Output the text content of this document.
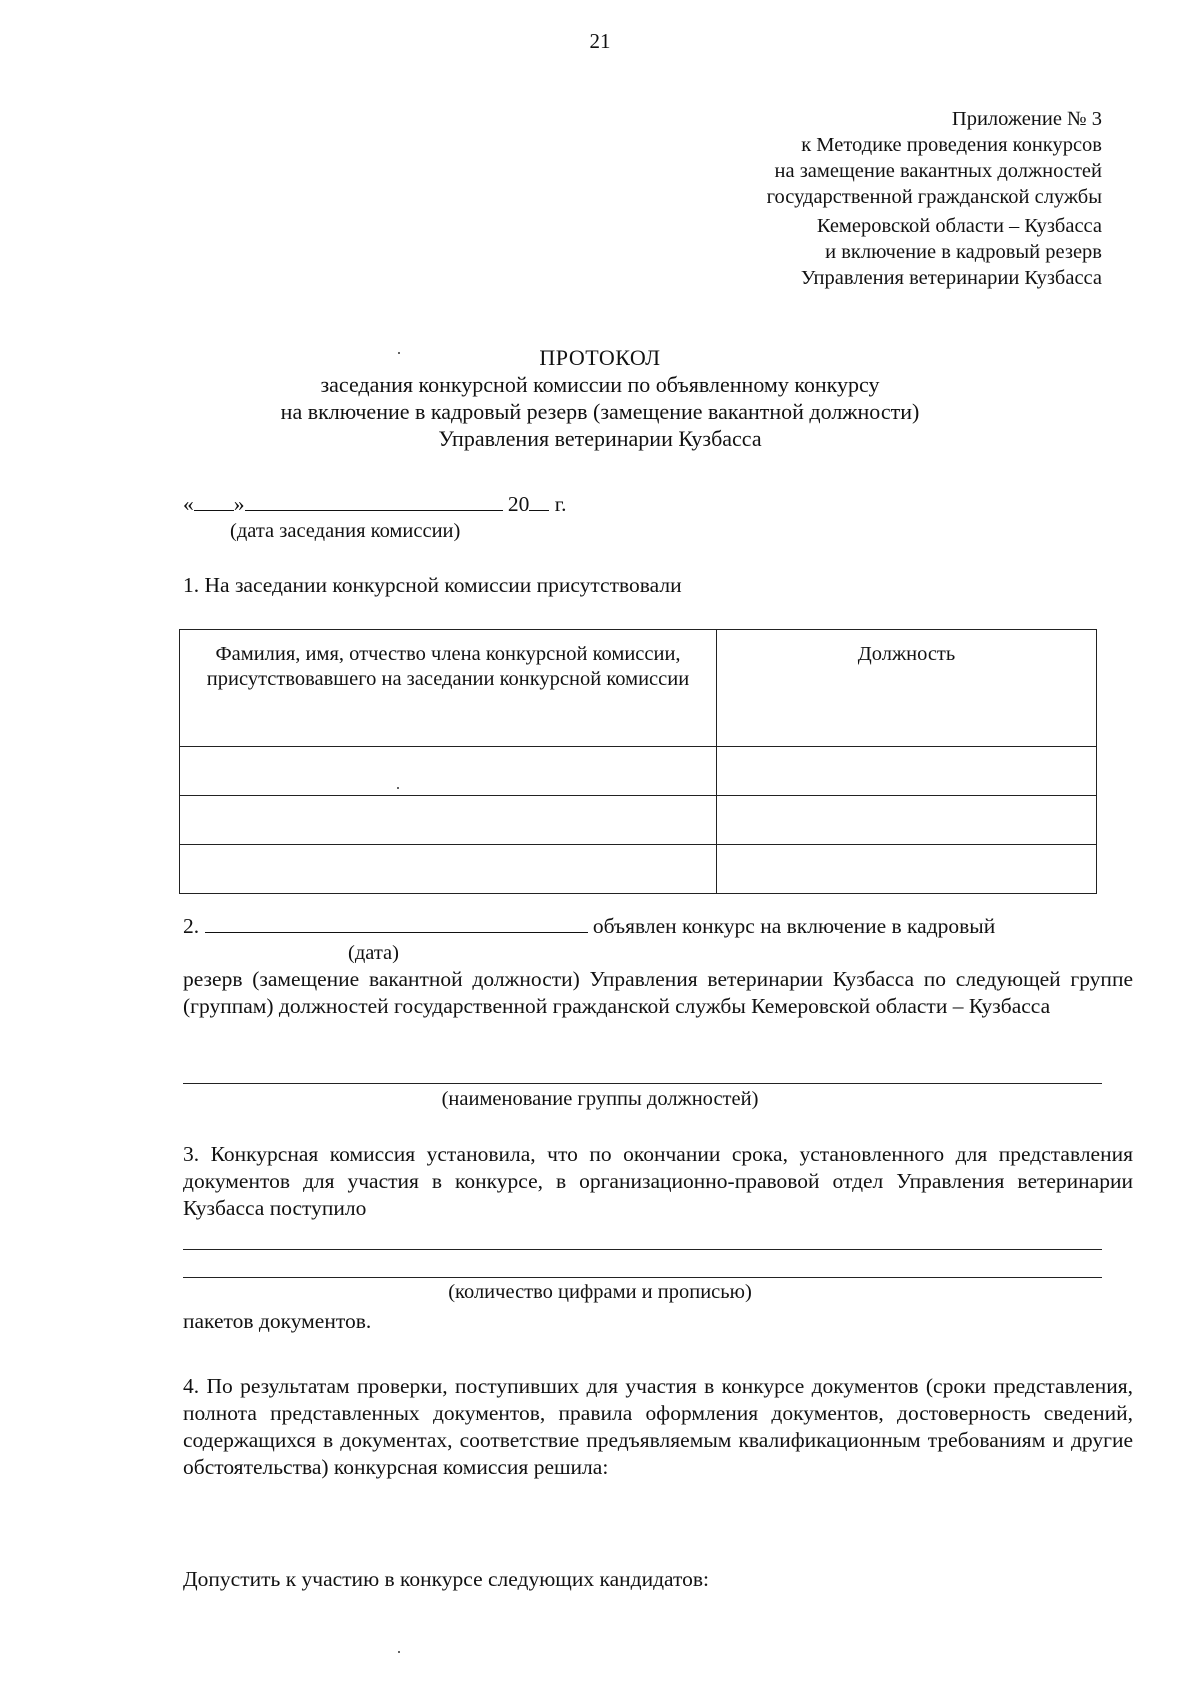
21
Приложение № 3
к Методике проведения конкурсов
на замещение вакантных должностей
государственной гражданской службы
Кемеровской области – Кузбасса
и включение в кадровый резерв
Управления ветеринарии Кузбасса
ПРОТОКОЛ
заседания конкурсной комиссии по объявленному конкурсу
на включение в кадровый резерв (замещение вакантной должности)
Управления ветеринарии Кузбасса
« »	20 г.
(дата заседания комиссии)
1. На заседании конкурсной комиссии присутствовали
Фамилия, имя, отчество члена конкурсной комиссии, присутствовавшего на заседании конкурсной комиссии	Должность

2.	объявлен конкурс на включение в кадровый
(дата)
резерв (замещение вакантной должности) Управления ветеринарии Кузбасса по следующей группе (группам) должностей государственной гражданской службы Кемеровской области – Кузбасса
(наименование группы должностей)
3. Конкурсная комиссия установила, что по окончании срока, установленного для представления документов для участия в конкурсе, в организационно-правовой отдел Управления ветеринарии Кузбасса поступило
(количество цифрами и прописью)
пакетов документов.
4. По результатам проверки, поступивших для участия в конкурсе документов (сроки представления, полнота представленных документов, правила оформления документов, достоверность сведений, содержащихся в документах, соответствие предъявляемым квалификационным требованиям и другие обстоятельства) конкурсная комиссия решила:
Допустить к участию в конкурсе следующих кандидатов:
